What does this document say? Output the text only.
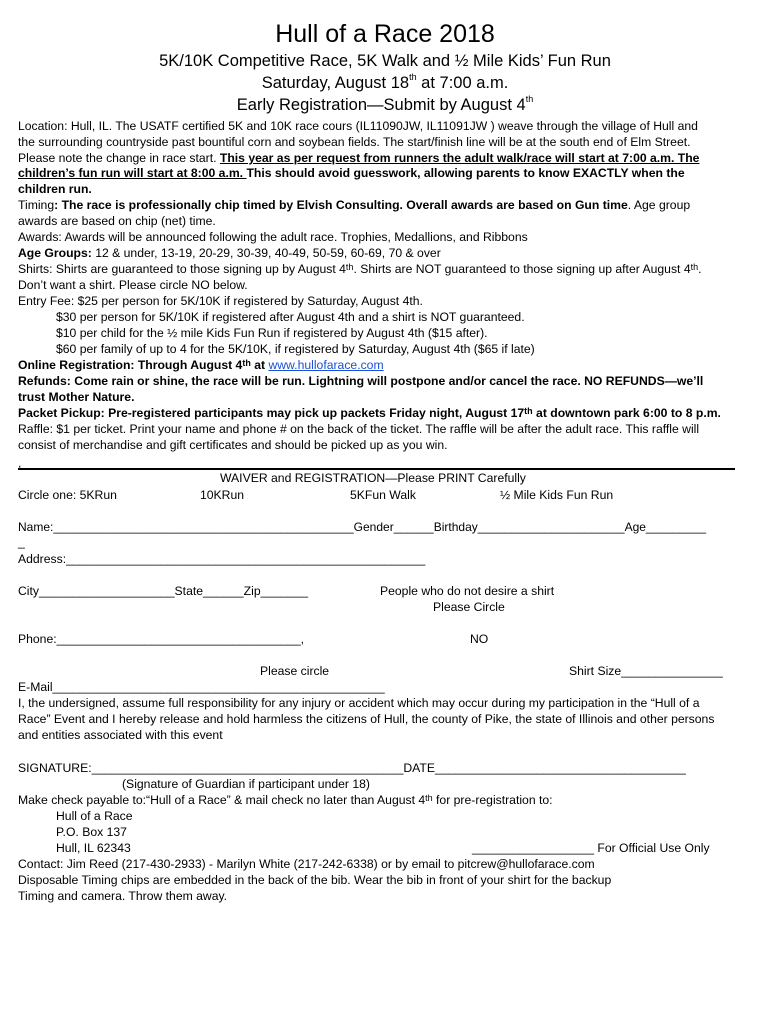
Hull of a Race 2018
5K/10K Competitive Race, 5K Walk and ½ Mile Kids’ Fun Run
Saturday, August 18th at 7:00 a.m.
Early Registration—Submit by August 4th
Location: Hull, IL. The USATF certified 5K and 10K race cours (IL11090JW, IL11091JW ) weave through the village of Hull and
the surrounding countryside past bountiful corn and soybean fields. The start/finish line will be at the south end of Elm Street.
Please note the change in race start. This year as per request from runners the adult walk/race will start at 7:00 a.m. The
children’s fun run will start at 8:00 a.m. This should avoid guesswork, allowing parents to know EXACTLY when the
children run.
Timing: The race is professionally chip timed by Elvish Consulting. Overall awards are based on Gun time. Age group
awards are based on chip (net) time.
Awards: Awards will be announced following the adult race. Trophies, Medallions, and Ribbons
Age Groups: 12 & under, 13-19, 20-29, 30-39, 40-49, 50-59, 60-69, 70 & over
Shirts: Shirts are guaranteed to those signing up by August 4th. Shirts are NOT guaranteed to those signing up after August 4th.
Don’t want a shirt. Please circle NO below.
Entry Fee: $25 per person for 5K/10K if registered by Saturday, August 4th.
$30 per person for 5K/10K if registered after August 4th and a shirt is NOT guaranteed.
$10 per child for the ½ mile Kids Fun Run if registered by August 4th ($15 after).
$60 per family of up to 4 for the 5K/10K, if registered by Saturday, August 4th ($65 if late)
Online Registration: Through August 4th at www.hullofarace.com
Refunds: Come rain or shine, the race will be run. Lightning will postpone and/or cancel the race. NO REFUNDS—we’ll
trust Mother Nature.
Packet Pickup: Pre-registered participants may pick up packets Friday night, August 17th at downtown park 6:00 to 8 p.m.
Raffle: $1 per ticket. Print your name and phone # on the back of the ticket. The raffle will be after the adult race. This raffle will
consist of merchandise and gift certificates and should be picked up as you win.
,
WAIVER and REGISTRATION—Please PRINT Carefully
Circle one: 5KRun	10KRun	5KFun Walk	½ Mile Kids Fun Run
Name:_____________________________________________Gender______Birthday______________________Age_________
_
Address:_____________________________________________________
City____________________State______Zip_______	People who do not desire a shirt
Please Circle
Phone:____________________________________,	NO
Please circle	Shirt Size_______________
E-Mail_________________________________________________
I, the undersigned, assume full responsibility for any injury or accident which may occur during my participation in the “Hull of a
Race” Event and I hereby release and hold harmless the citizens of Hull, the county of Pike, the state of Illinois and other persons
and entities associated with this event
SIGNATURE:______________________________________________DATE_____________________________________
(Signature of Guardian if participant under 18)
Make check payable to:“Hull of a Race” & mail check no later than August 4th for pre-registration to:
Hull of a Race
P.O. Box 137
Hull, IL 62343	__________________ For Official Use Only
Contact: Jim Reed (217-430-2933) - Marilyn White (217-242-6338) or by email to pitcrew@hullofarace.com
Disposable Timing chips are embedded in the back of the bib. Wear the bib in front of your shirt for the backup
Timing and camera. Throw them away.
